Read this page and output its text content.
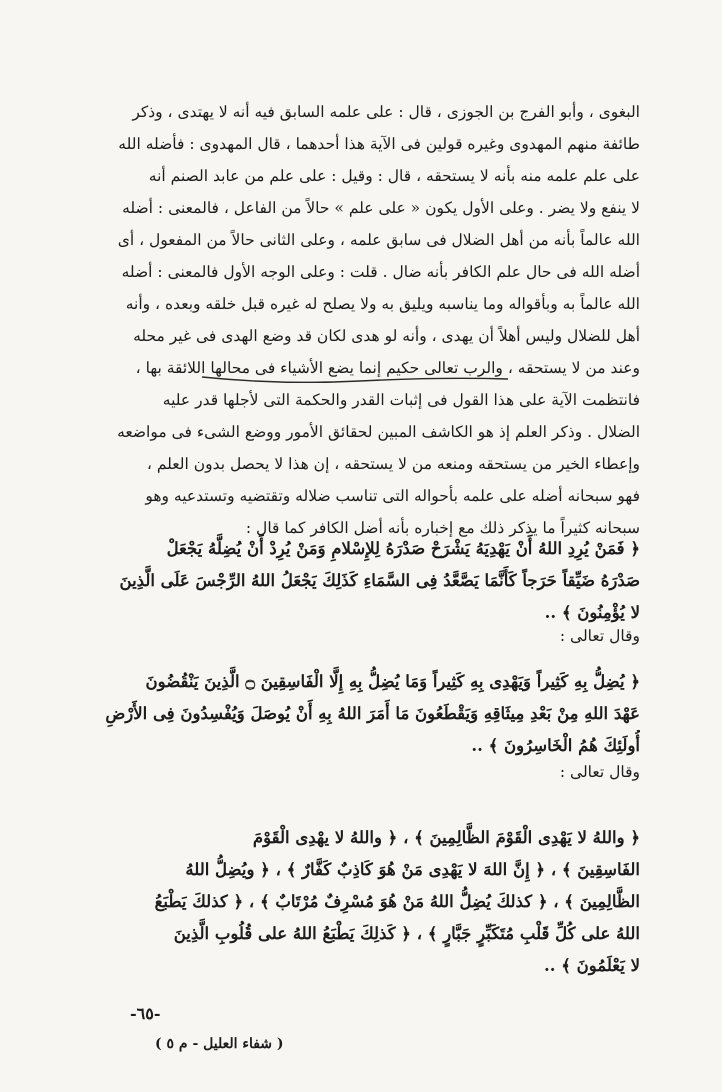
البغوى ، وأبو الفرج بن الجوزى ، قال : على علمه السابق فيه أنه لا يهتدى ، وذكر
طائفة منهم المهدوى وغيره قولين فى الآية هذا أحدهما ، قال المهدوى : فأضله الله
على علم علمه منه بأنه لا يستحقه ، قال : وقيل : على علم من عابد الصنم أنه
لا ينفع ولا يضر . وعلى الأول يكون « على علم » حالاً من الفاعل ، فالمعنى : أضله
الله عالماً بأنه من أهل الضلال فى سابق علمه ، وعلى الثانى حالاً من المفعول ، أى
أضله الله فى حال علم الكافر بأنه ضال . قلت : وعلى الوجه الأول فالمعنى : أضله
الله عالماً به وبأقواله وما يناسبه ويليق به ولا يصلح له غيره قبل خلقه وبعده ، وأنه
أهل للضلال وليس أهلاً أن يهدى ، وأنه لو هدى لكان قد وضع الهدى فى غير محله
وعند من لا يستحقه ، والرب تعالى حكيم إنما يضع الأشياء فى محالها اللائقة بها ،
فانتظمت الآية على هذا القول فى إثبات القدر والحكمة التى لأجلها قدر عليه
الضلال . وذكر العلم إذ هو الكاشف المبين لحقائق الأمور ووضع الشىء فى مواضعه
وإعطاء الخير من يستحقه ومنعه من لا يستحقه ، إن هذا لا يحصل بدون العلم ،
فهو سبحانه أضله على علمه بأحواله التى تناسب ضلاله وتقتضيه وتستدعيه وهو
سبحانه كثيراً ما يذكر ذلك مع إخباره بأنه أضل الكافر كما قال :
﴿ فَمَنْ يُرِدِ اللهُ أَنْ يَهْدِيَهُ يَشْرَحْ صَدْرَهُ لِلإِسْلامِ وَمَنْ يُرِدْ أَنْ يُضِلَّهُ يَجْعَلْ
صَدْرَهُ ضَيِّقاً حَرَجاً كَأَنَّمَا يَصَّعَّدُ فِى السَّمَاءِ كَذَلِكَ يَجْعَلُ اللهُ الرِّجْسَ عَلَى الَّذِينَ
لا يُؤْمِنُونَ ﴾ ..
وقال تعالى :
﴿ يُضِلُّ بِهِ كَثِيراً وَيَهْدِى بِهِ كَثِيراً وَمَا يُضِلُّ بِهِ إِلَّا الْفَاسِقِينَ ۝ الَّذِينَ يَنْقُضُونَ
عَهْدَ اللهِ مِنْ بَعْدِ مِيثَاقِهِ وَيَقْطَعُونَ مَا أَمَرَ اللهُ بِهِ أَنْ يُوصَلَ وَيُفْسِدُونَ فِى الأَرْضِ
أُولَئِكَ هُمُ الْخَاسِرُونَ ﴾ ..
وقال تعالى :
﴿ واللهُ لا يَهْدِى الْقَوْمَ الظَّالِمِينَ ﴾ ، ﴿ واللهُ لا يهْدِى الْقَوْمَ
الفَاسِقِينَ ﴾ ، ﴿ إِنَّ اللهَ لا يَهْدِى مَنْ هُوَ كَاذِبٌ كَفَّارٌ ﴾ ، ﴿ ويُضِلُّ اللهُ
الظَّالِمِينَ ﴾ ، ﴿ كذلكَ يُضِلُّ اللهُ مَنْ هُوَ مُسْرِفٌ مُرْتَابٌ ﴾ ، ﴿ كذلكَ يَطْبَعُ
اللهُ على كُلِّ قَلْبِ مُتَكَبِّرٍ جَبَّارٍ ﴾ ، ﴿ كَذلِكَ يَطْبَعُ اللهُ على قُلُوبِ الَّذِينَ
لا يَعْلَمُونَ ﴾ ..
-٦٥-
( شفاء العليل - م ٥ )
